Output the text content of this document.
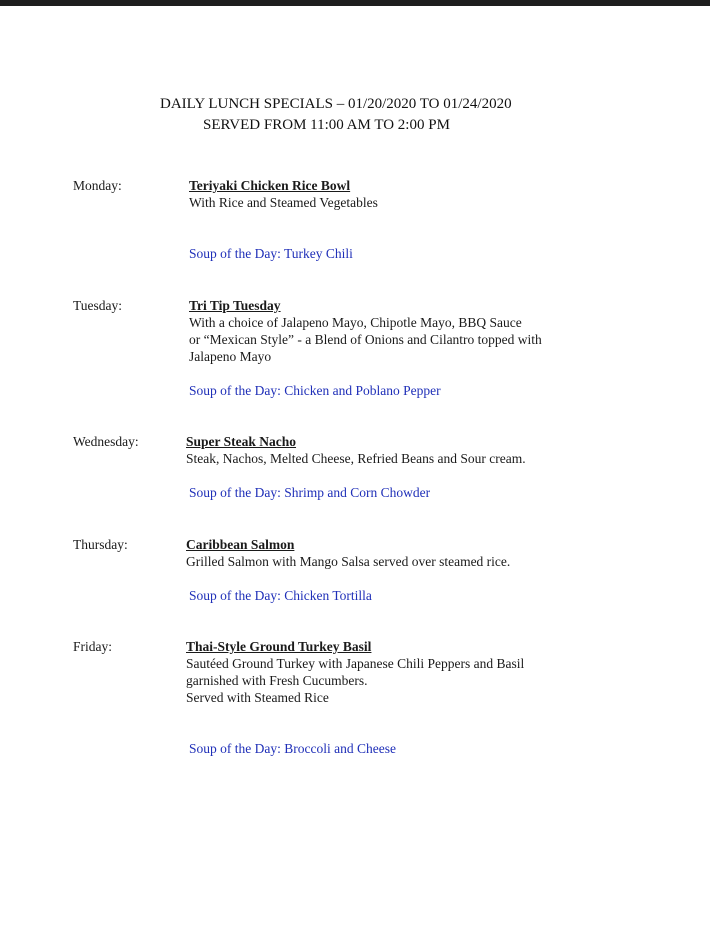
DAILY LUNCH SPECIALS – 01/20/2020 TO 01/24/2020
SERVED FROM 11:00 AM TO 2:00 PM
Monday:	Teriyaki Chicken Rice Bowl
With Rice and Steamed Vegetables
Soup of the Day: Turkey Chili
Tuesday:	Tri Tip Tuesday
With a choice of Jalapeno Mayo, Chipotle Mayo, BBQ Sauce
or “Mexican Style” - a Blend of Onions and Cilantro topped with
Jalapeno Mayo
Soup of the Day: Chicken and Poblano Pepper
Wednesday:	Super Steak Nacho
Steak, Nachos, Melted Cheese, Refried Beans and Sour cream.
Soup of the Day: Shrimp and Corn Chowder
Thursday:	Caribbean Salmon
Grilled Salmon with Mango Salsa served over steamed rice.
Soup of the Day: Chicken Tortilla
Friday:	Thai-Style Ground Turkey Basil
Sautéed Ground Turkey with Japanese Chili Peppers and Basil
garnished with Fresh Cucumbers.
Served with Steamed Rice
Soup of the Day: Broccoli and Cheese
